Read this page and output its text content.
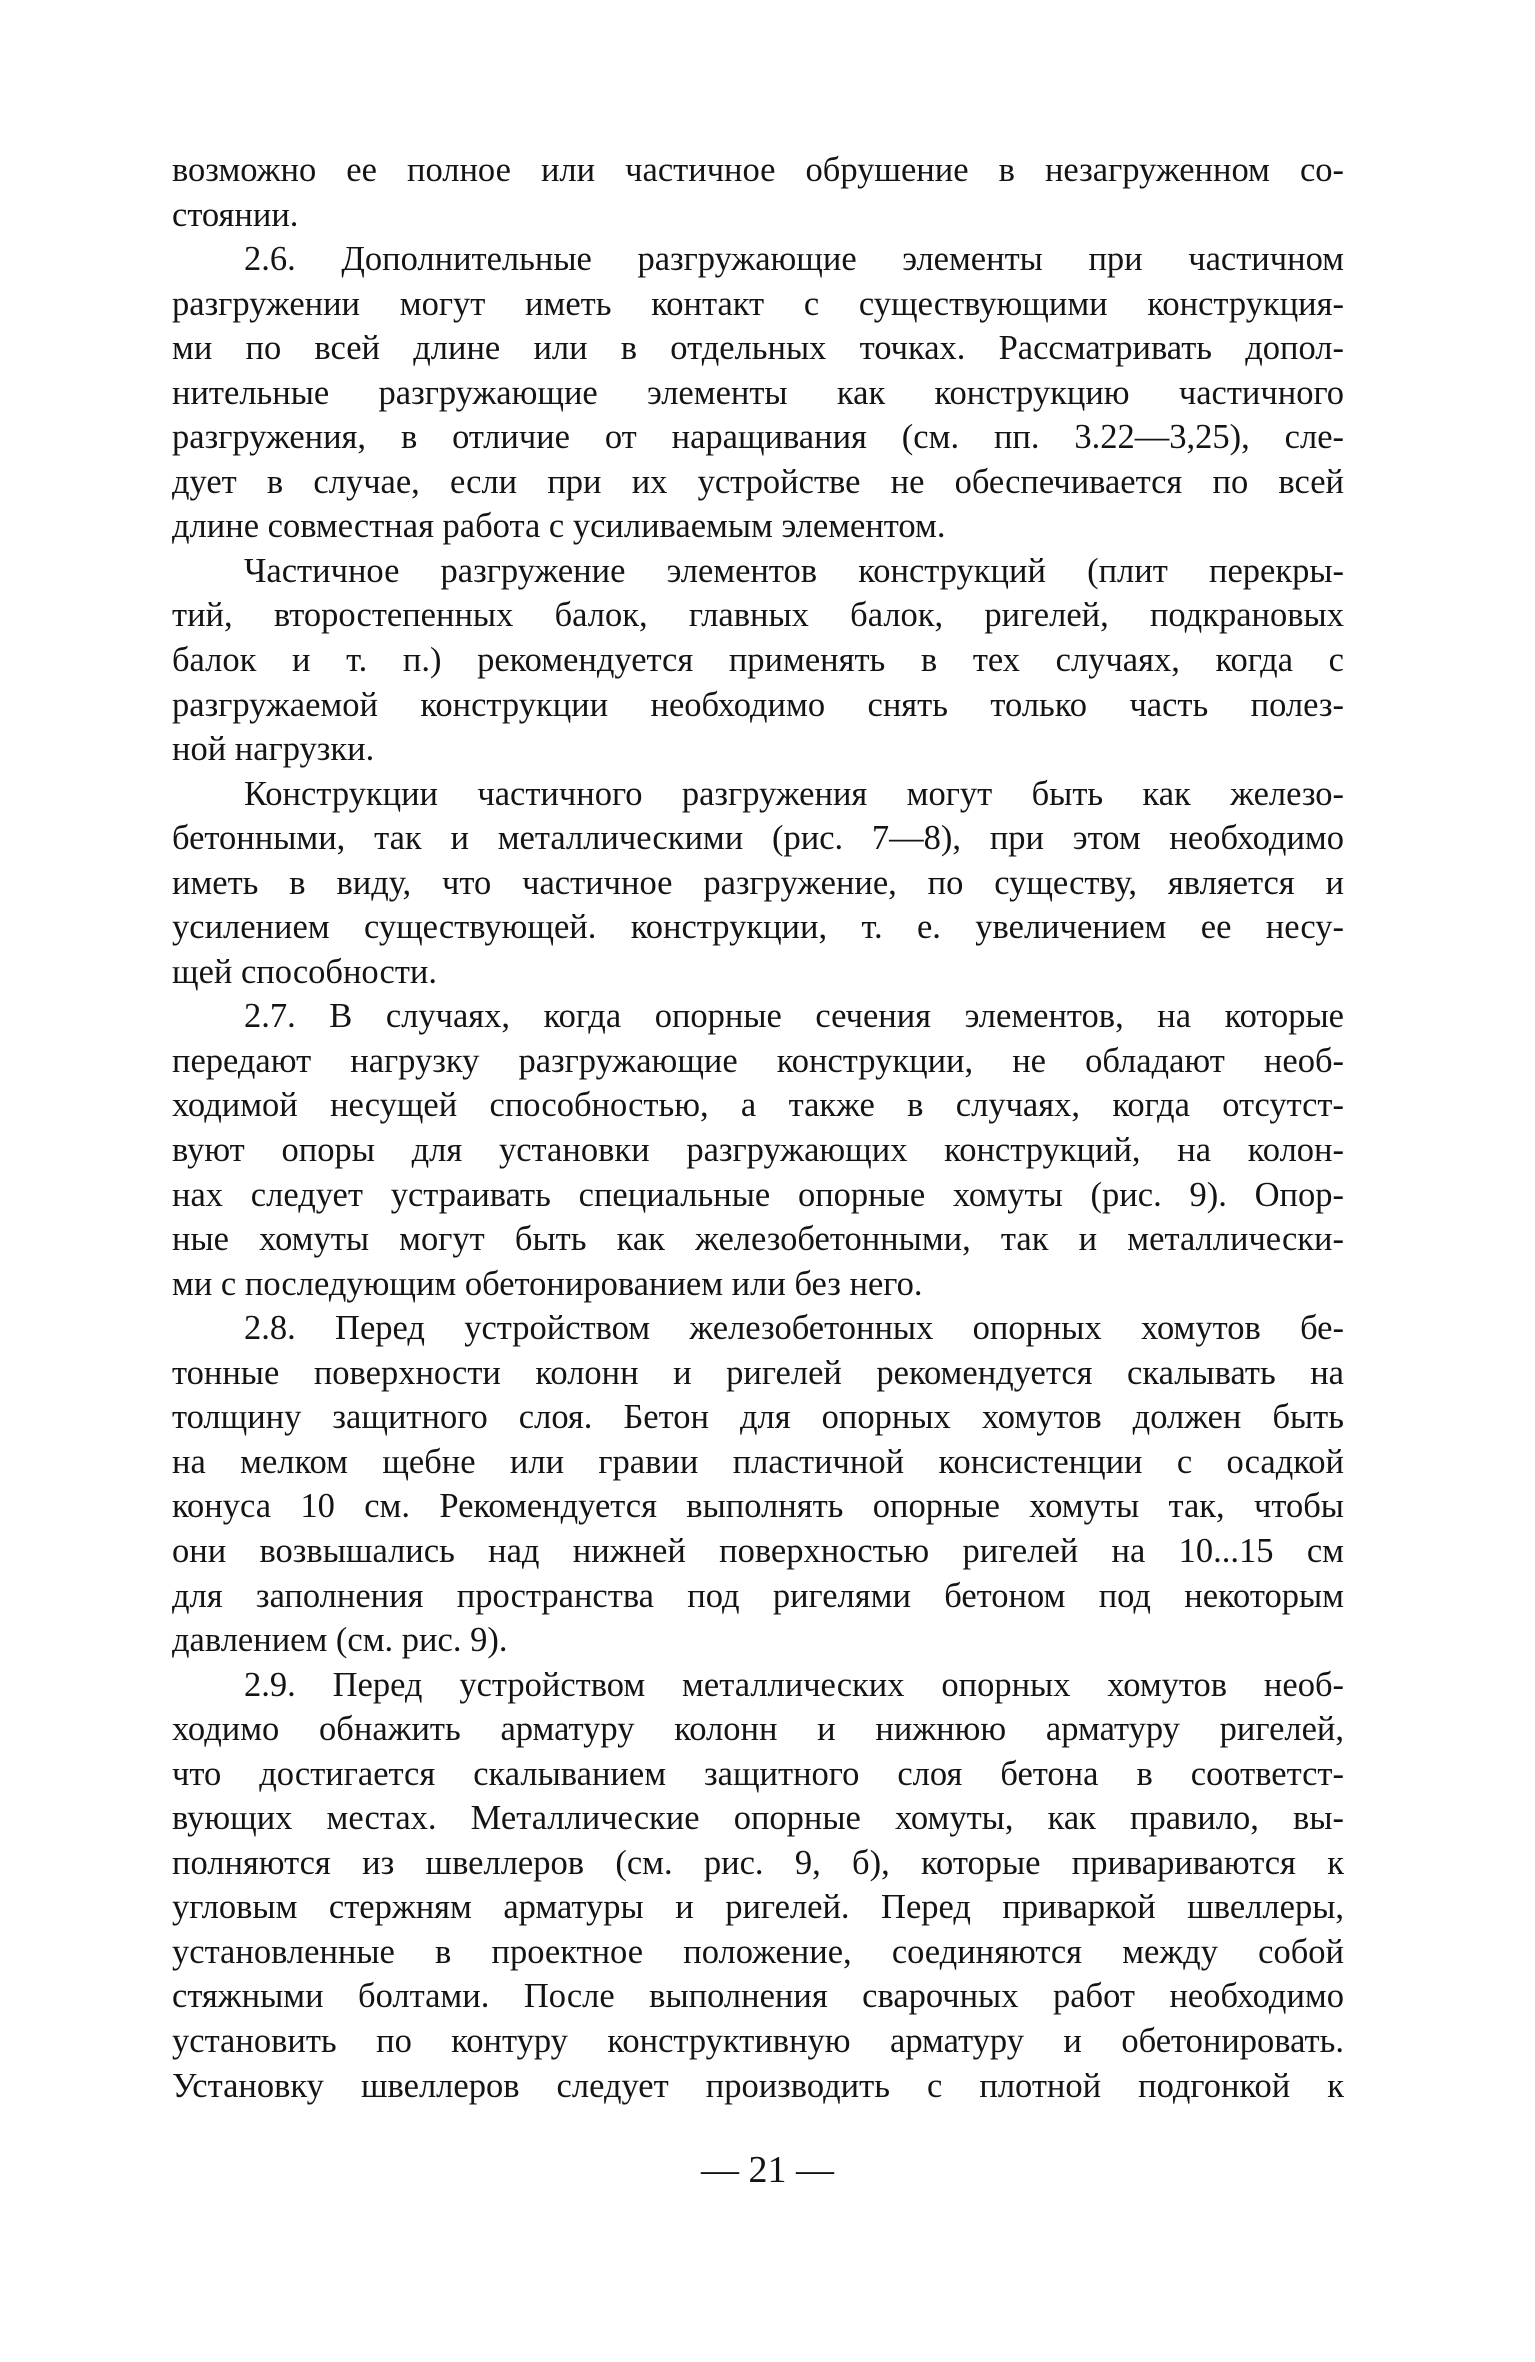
возможно ее полное или частичное обрушение в незагруженном со-
стоянии.
2.6. Дополнительные разгружающие элементы при частичном
разгружении могут иметь контакт с существующими конструкция-
ми по всей длине или в отдельных точках. Рассматривать допол-
нительные разгружающие элементы как конструкцию частичного
разгружения, в отличие от наращивания (см. пп. 3.22—3,25), сле-
дует в случае, если при их устройстве не обеспечивается по всей
длине совместная работа с усиливаемым элементом.
Частичное разгружение элементов конструкций (плит перекры-
тий, второстепенных балок, главных балок, ригелей, подкрановых
балок и т. п.) рекомендуется применять в тех случаях, когда с
разгружаемой конструкции необходимо снять только часть полез-
ной нагрузки.
Конструкции частичного разгружения могут быть как железо-
бетонными, так и металлическими (рис. 7—8), при этом необходимо
иметь в виду, что частичное разгружение, по существу, является и
усилением существующей. конструкции, т. е. увеличением ее несу-
щей способности.
2.7. В случаях, когда опорные сечения элементов, на которые
передают нагрузку разгружающие конструкции, не обладают необ-
ходимой несущей способностью, а также в случаях, когда отсутст-
вуют опоры для установки разгружающих конструкций, на колон-
нах следует устраивать специальные опорные хомуты (рис. 9). Опор-
ные хомуты могут быть как железобетонными, так и металлически-
ми с последующим обетонированием или без него.
2.8. Перед устройством железобетонных опорных хомутов бе-
тонные поверхности колонн и ригелей рекомендуется скалывать на
толщину защитного слоя. Бетон для опорных хомутов должен быть
на мелком щебне или гравии пластичной консистенции с осадкой
конуса 10 см. Рекомендуется выполнять опорные хомуты так, чтобы
они возвышались над нижней поверхностью ригелей на 10...15 см
для заполнения пространства под ригелями бетоном под некоторым
давлением (см. рис. 9).
2.9. Перед устройством металлических опорных хомутов необ-
ходимо обнажить арматуру колонн и нижнюю арматуру ригелей,
что достигается скалыванием защитного слоя бетона в соответст-
вующих местах. Металлические опорные хомуты, как правило, вы-
полняются из швеллеров (см. рис. 9, б), которые привариваются к
угловым стержням арматуры и ригелей. Перед приваркой швеллеры,
установленные в проектное положение, соединяются между собой
стяжными болтами. После выполнения сварочных работ необходимо
установить по контуру конструктивную арматуру и обетонировать.
Установку швеллеров следует производить с плотной подгонкой к
— 21 —
